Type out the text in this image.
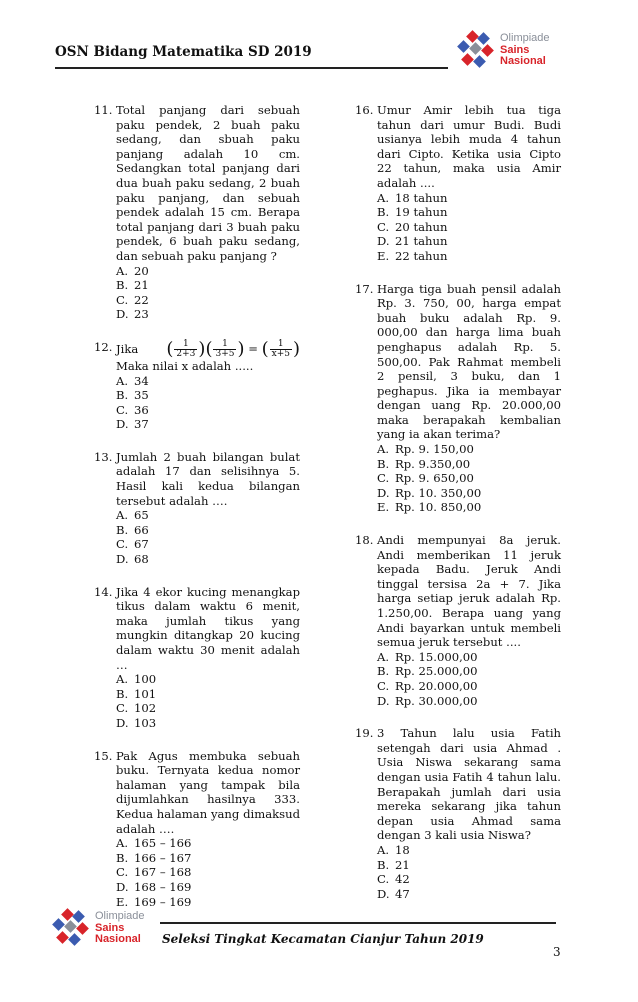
OSN Bidang Matematika SD 2019
Olimpiade
Sains
Nasional
11. Total panjang dari sebuah paku pendek, 2 buah paku sedang, dan sbuah paku panjang adalah 10 cm. Sedangkan total panjang dari dua buah paku sedang, 2 buah paku panjang, dan sebuah pendek adalah 15 cm. Berapa total panjang dari 3 buah paku pendek, 6 buah paku sedang, dan sebuah paku panjang ?
A. 20
B. 21
C. 22
D. 23
12. Jika ( $\frac{1}{2+3}$ )( $\frac{1}{3+5}$ ) = ( $\frac{1}{x+5}$ )
Maka nilai x adalah .....
A. 34
B. 35
C. 36
D. 37
13. Jumlah 2 buah bilangan bulat adalah 17 dan selisihnya 5. Hasil kali kedua bilangan tersebut adalah ….
A. 65
B. 66
C. 67
D. 68
14. Jika 4 ekor kucing menangkap tikus dalam waktu 6 menit, maka jumlah tikus yang mungkin ditangkap 20 kucing dalam waktu 30 menit adalah …
A. 100
B. 101
C. 102
D. 103
15. Pak Agus membuka sebuah buku. Ternyata kedua nomor halaman yang tampak bila dijumlahkan hasilnya 333. Kedua halaman yang dimaksud adalah ….
A. 165 – 166
B. 166 – 167
C. 167 – 168
D. 168 – 169
E. 169 – 169
16. Umur Amir lebih tua tiga tahun dari umur Budi. Budi usianya lebih muda 4 tahun dari Cipto. Ketika usia Cipto 22 tahun, maka usia Amir adalah ....
A. 18 tahun
B. 19 tahun
C. 20 tahun
D. 21 tahun
E. 22 tahun
17. Harga tiga buah pensil adalah Rp. 3. 750, 00, harga empat buah buku adalah Rp. 9. 000,00 dan harga lima buah penghapus adalah Rp. 5. 500,00. Pak Rahmat membeli 2 pensil, 3 buku, dan 1 peghapus. Jika ia membayar dengan uang Rp. 20.000,00 maka berapakah kembalian yang ia akan terima?
A. Rp. 9. 150,00
B. Rp. 9.350,00
C. Rp. 9. 650,00
D. Rp. 10. 350,00
E. Rp. 10. 850,00
18. Andi mempunyai 8a jeruk. Andi memberikan 11 jeruk kepada Badu. Jeruk Andi tinggal tersisa 2a + 7. Jika harga setiap jeruk adalah Rp. 1.250,00. Berapa uang yang Andi bayarkan untuk membeli semua jeruk tersebut ....
A. Rp. 15.000,00
B. Rp. 25.000,00
C. Rp. 20.000,00
D. Rp. 30.000,00
19. 3 Tahun lalu usia Fatih setengah dari usia Ahmad . Usia Niswa sekarang sama dengan usia Fatih 4 tahun lalu. Berapakah jumlah dari usia mereka sekarang jika tahun depan usia Ahmad sama dengan 3 kali usia Niswa?
A. 18
B. 21
C. 42
D. 47
Olimpiade
Sains
Nasional	Seleksi Tingkat Kecamatan Cianjur Tahun 2019
3
